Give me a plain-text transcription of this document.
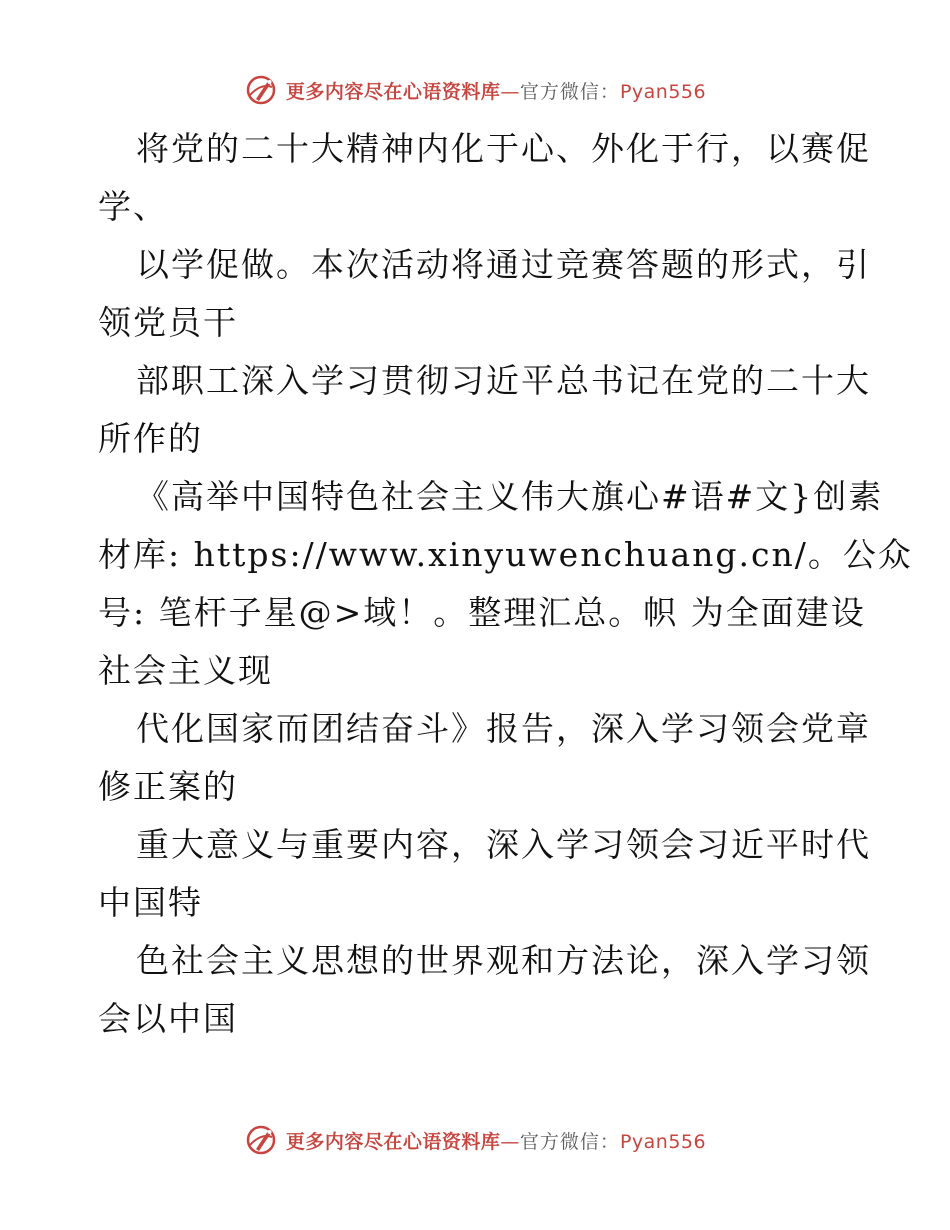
更多内容尽在心语资料库—官方微信：Pyan556
将党的二十大精神内化于心、外化于行，以赛促
学、
以学促做。本次活动将通过竞赛答题的形式，引
领党员干
部职工深入学习贯彻习近平总书记在党的二十大
所作的
《高举中国特色社会主义伟大旗心#语#文}创素
材库: https://www.xinyuwenchuang.cn/。公众
号: 笔杆子星@>域！。整理汇总。帜 为全面建设
社会主义现
代化国家而团结奋斗》报告，深入学习领会党章
修正案的
重大意义与重要内容，深入学习领会习近平时代
中国特
色社会主义思想的世界观和方法论，深入学习领
会以中国
更多内容尽在心语资料库—官方微信：Pyan556
